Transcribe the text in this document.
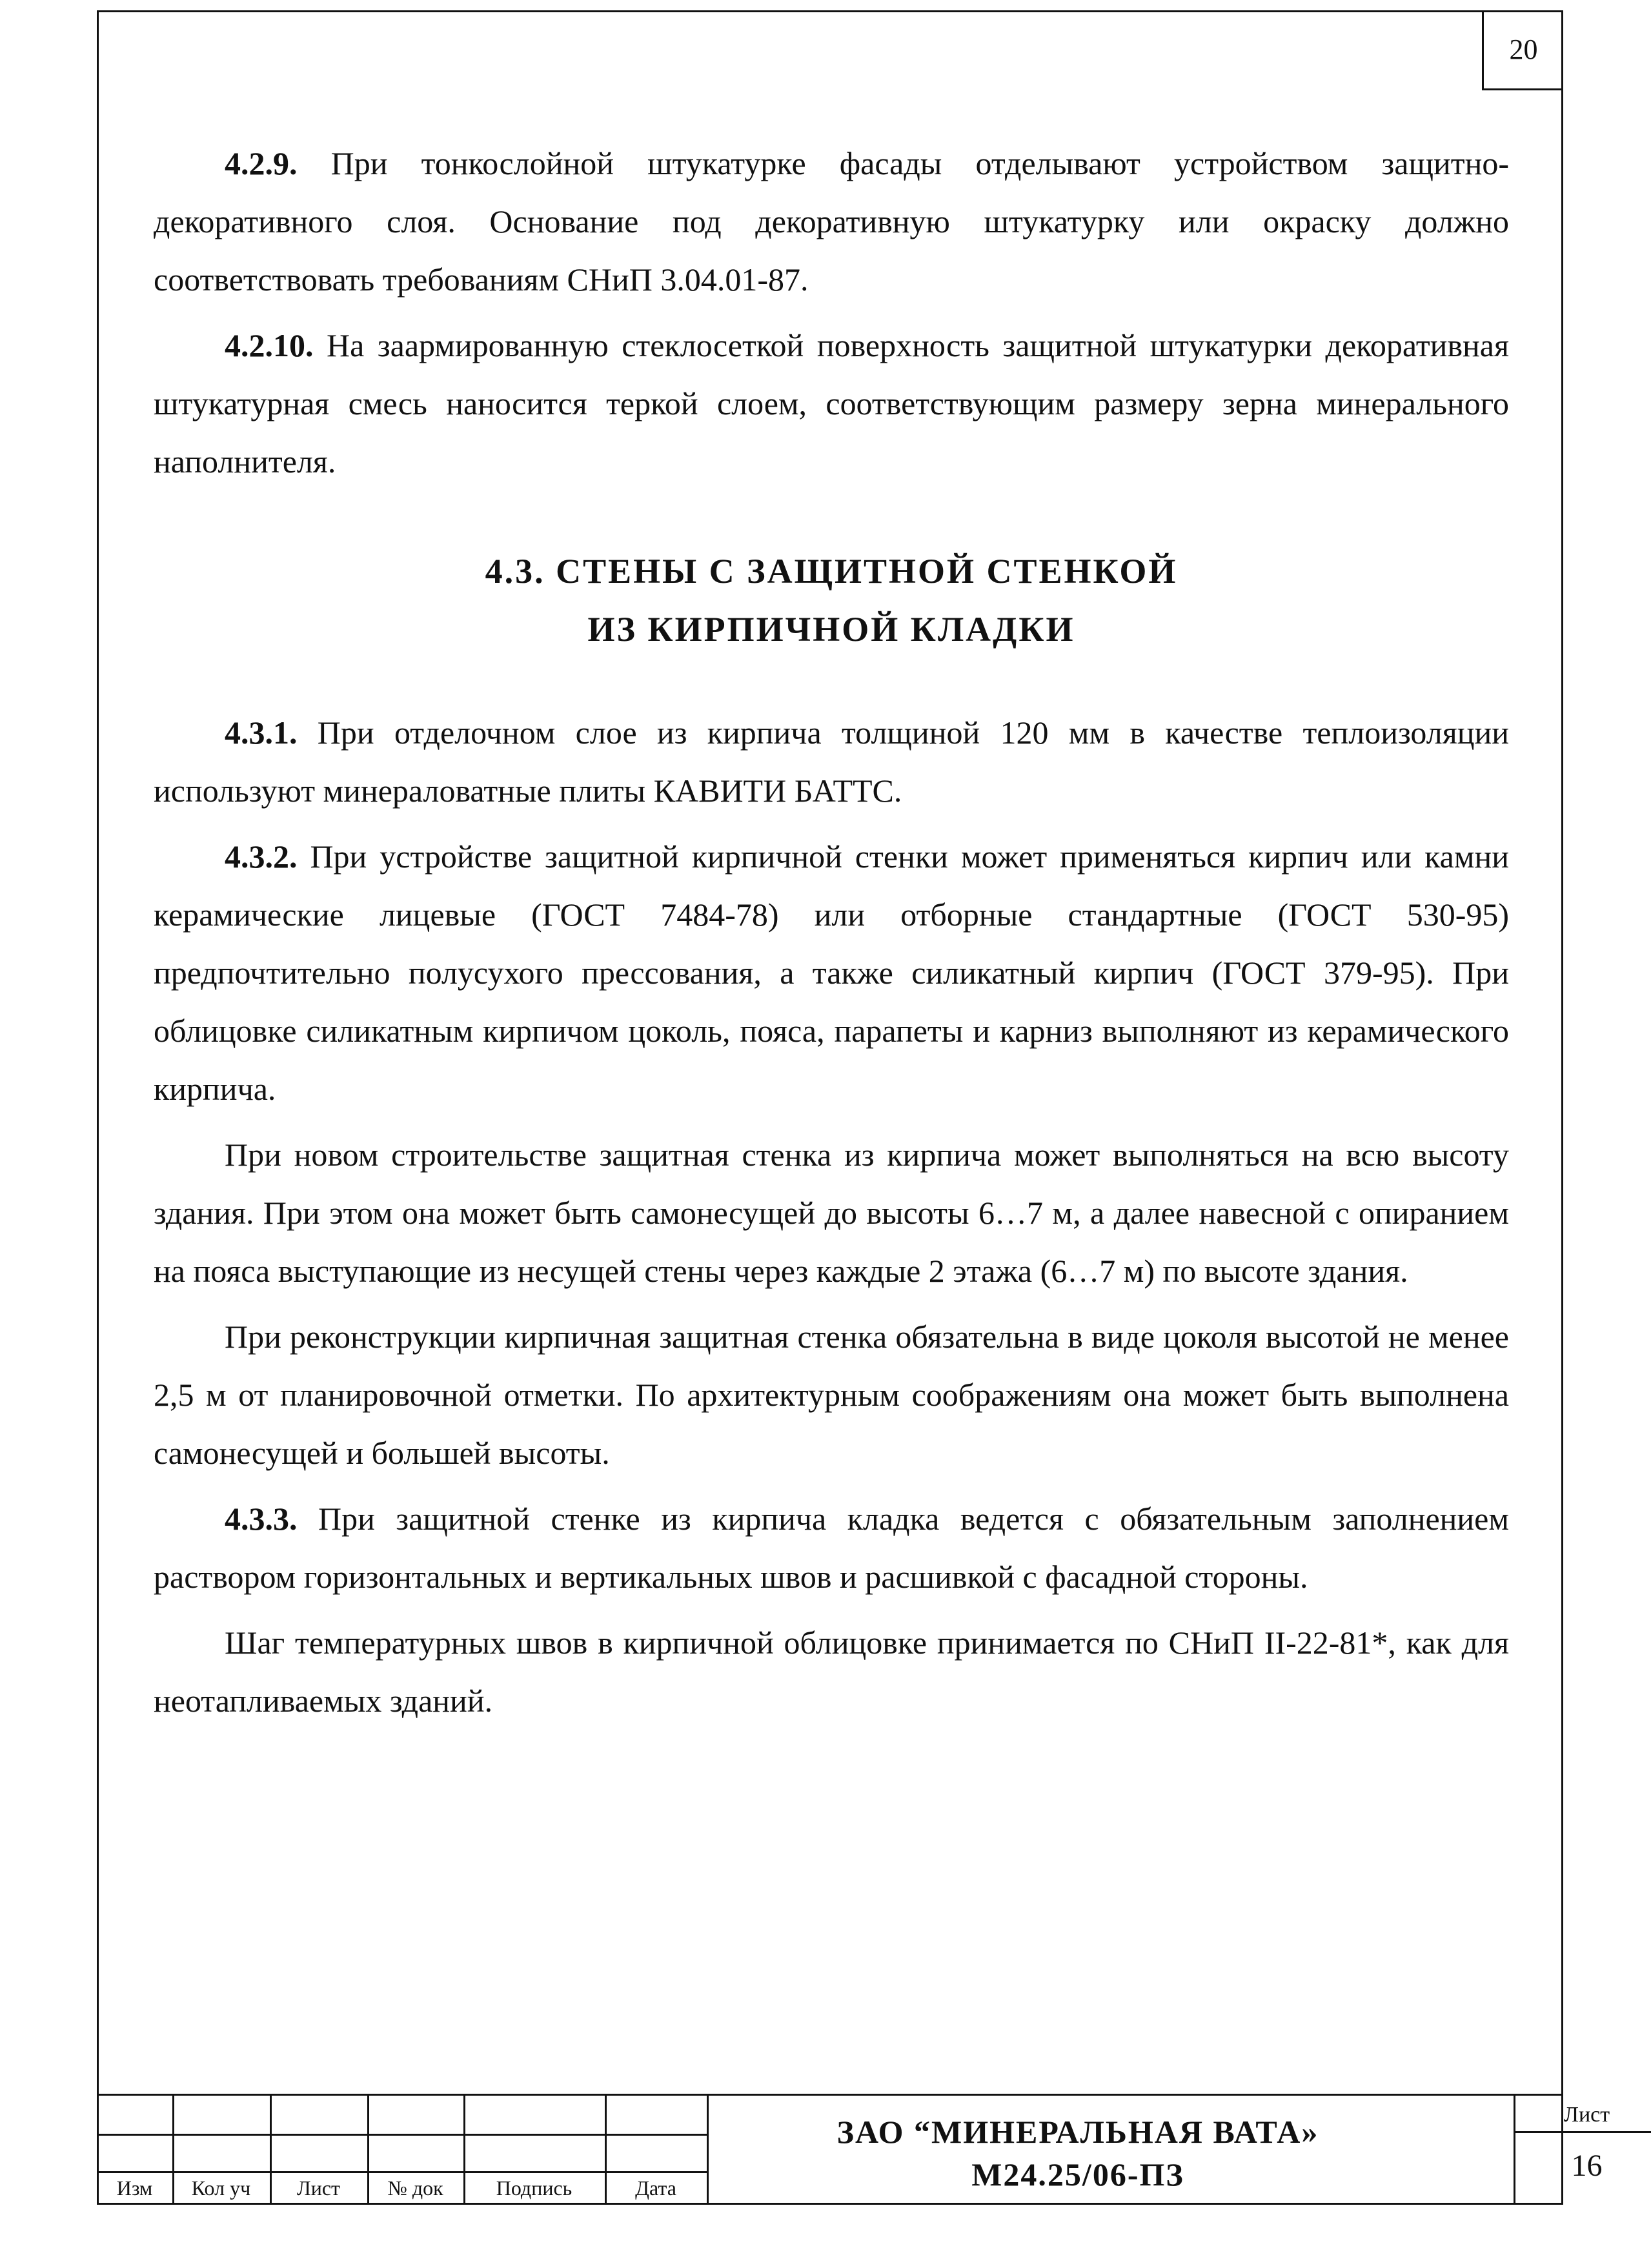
20

4.2.9. При тонкослойной штукатурке фасады отделывают устройством защитно-декоративного слоя. Основание под декоративную штукатурку или окраску должно соответствовать требованиям СНиП 3.04.01-87.

4.2.10. На заармированную стеклосеткой поверхность защитной штукатурки декоративная штукатурная смесь наносится теркой слоем, соответствующим размеру зерна минерального наполнителя.

4.3. СТЕНЫ С ЗАЩИТНОЙ СТЕНКОЙ
ИЗ КИРПИЧНОЙ КЛАДКИ

4.3.1. При отделочном слое из кирпича толщиной 120 мм в качестве теплоизоляции используют минераловатные плиты КАВИТИ БАТТС.

4.3.2. При устройстве защитной кирпичной стенки может применяться кирпич или камни керамические лицевые (ГОСТ 7484-78) или отборные стандартные (ГОСТ 530-95) предпочтительно полусухого прессования, а также силикатный кирпич (ГОСТ 379-95). При облицовке силикатным кирпичом цоколь, пояса, парапеты и карниз выполняют из керамического кирпича.

При новом строительстве защитная стенка из кирпича может выполняться на всю высоту здания. При этом она может быть самонесущей до высоты 6…7 м, а далее навесной с опиранием на пояса выступающие из несущей стены через каждые 2 этажа (6…7 м) по высоте здания.

При реконструкции кирпичная защитная стенка обязательна в виде цоколя высотой не менее 2,5 м от планировочной отметки. По архитектурным соображениям она может быть выполнена самонесущей и большей высоты.

4.3.3. При защитной стенке из кирпича кладка ведется с обязательным заполнением раствором горизонтальных и вертикальных швов и расшивкой с фасадной стороны.

Шаг температурных швов в кирпичной облицовке принимается по СНиП II-22-81*, как для неотапливаемых зданий.

Изм	Кол уч	Лист	№ док	Подпись	Дата
ЗАО “МИНЕРАЛЬНАЯ ВАТА»
М24.25/06-ПЗ
Лист
16
